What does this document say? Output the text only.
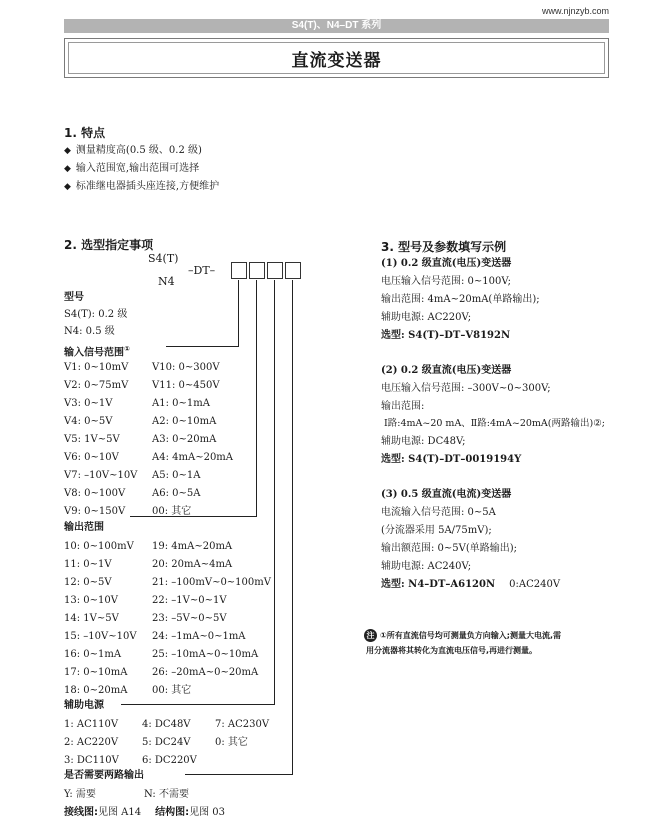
www.njnzyb.com
S4(T)、N4–DT 系列
直流变送器
1. 特点
◆ 测量精度高(0.5 级、0.2 级)
◆ 输入范围宽,输出范围可选择
◆ 标准继电器插头座连接,方便维护
2. 选型指定事项
S4(T)
N4
–DT–
型号
S4(T): 0.2 级
N4: 0.5 级
输入信号范围①
V1: 0~10mV V10: 0~300V
V2: 0~75mV V11: 0~450V
V3: 0~1V	A1: 0~1mA
V4: 0~5V	A2: 0~10mA
V5: 1V~5V	A3: 0~20mA
V6: 0~10V	A4: 4mA~20mA
V7: –10V~10V A5: 0~1A
V8: 0~100V	A6: 0~5A
V9: 0~150V	00: 其它
输出范围
10: 0~100mV 19: 4mA~20mA
11: 0~1V	20: 20mA~4mA
12: 0~5V	21: –100mV~0~100mV
13: 0~10V	22: –1V~0~1V
14: 1V~5V	23: –5V~0~5V
15: –10V~10V 24: –1mA~0~1mA
16: 0~1mA	25: –10mA~0~10mA
17: 0~10mA 26: –20mA~0~20mA
18: 0~20mA 00: 其它
辅助电源
1: AC110V 4: DC48V 7: AC230V
2: AC220V 5: DC24V 0: 其它
3: DC110V 6: DC220V
是否需要两路输出
Y: 需要	N: 不需要
接线图:见图 A14 结构图:见图 03
3. 型号及参数填写示例
(1) 0.2 级直流(电压)变送器
电压输入信号范围: 0~100V;
输出范围: 4mA~20mA(单路输出);
辅助电源: AC220V;
选型: S4(T)–DT–V8192N
(2) 0.2 级直流(电压)变送器
电压输入信号范围: –300V~0~300V;
输出范围:
Ⅰ路:4mA~20 mA、Ⅱ路:4mA~20mA(两路输出)②;
辅助电源: DC48V;
选型: S4(T)–DT–0019194Y
(3) 0.5 级直流(电流)变送器
电流输入信号范围: 0~5A
(分流器采用 5A/75mV);
输出额范围: 0~5V(单路输出);
辅助电源: AC240V;
选型: N4–DT–A6120N 0:AC240V
注 ①所有直流信号均可测量负方向输入;测量大电流,需
用分流器将其转化为直流电压信号,再进行测量。
